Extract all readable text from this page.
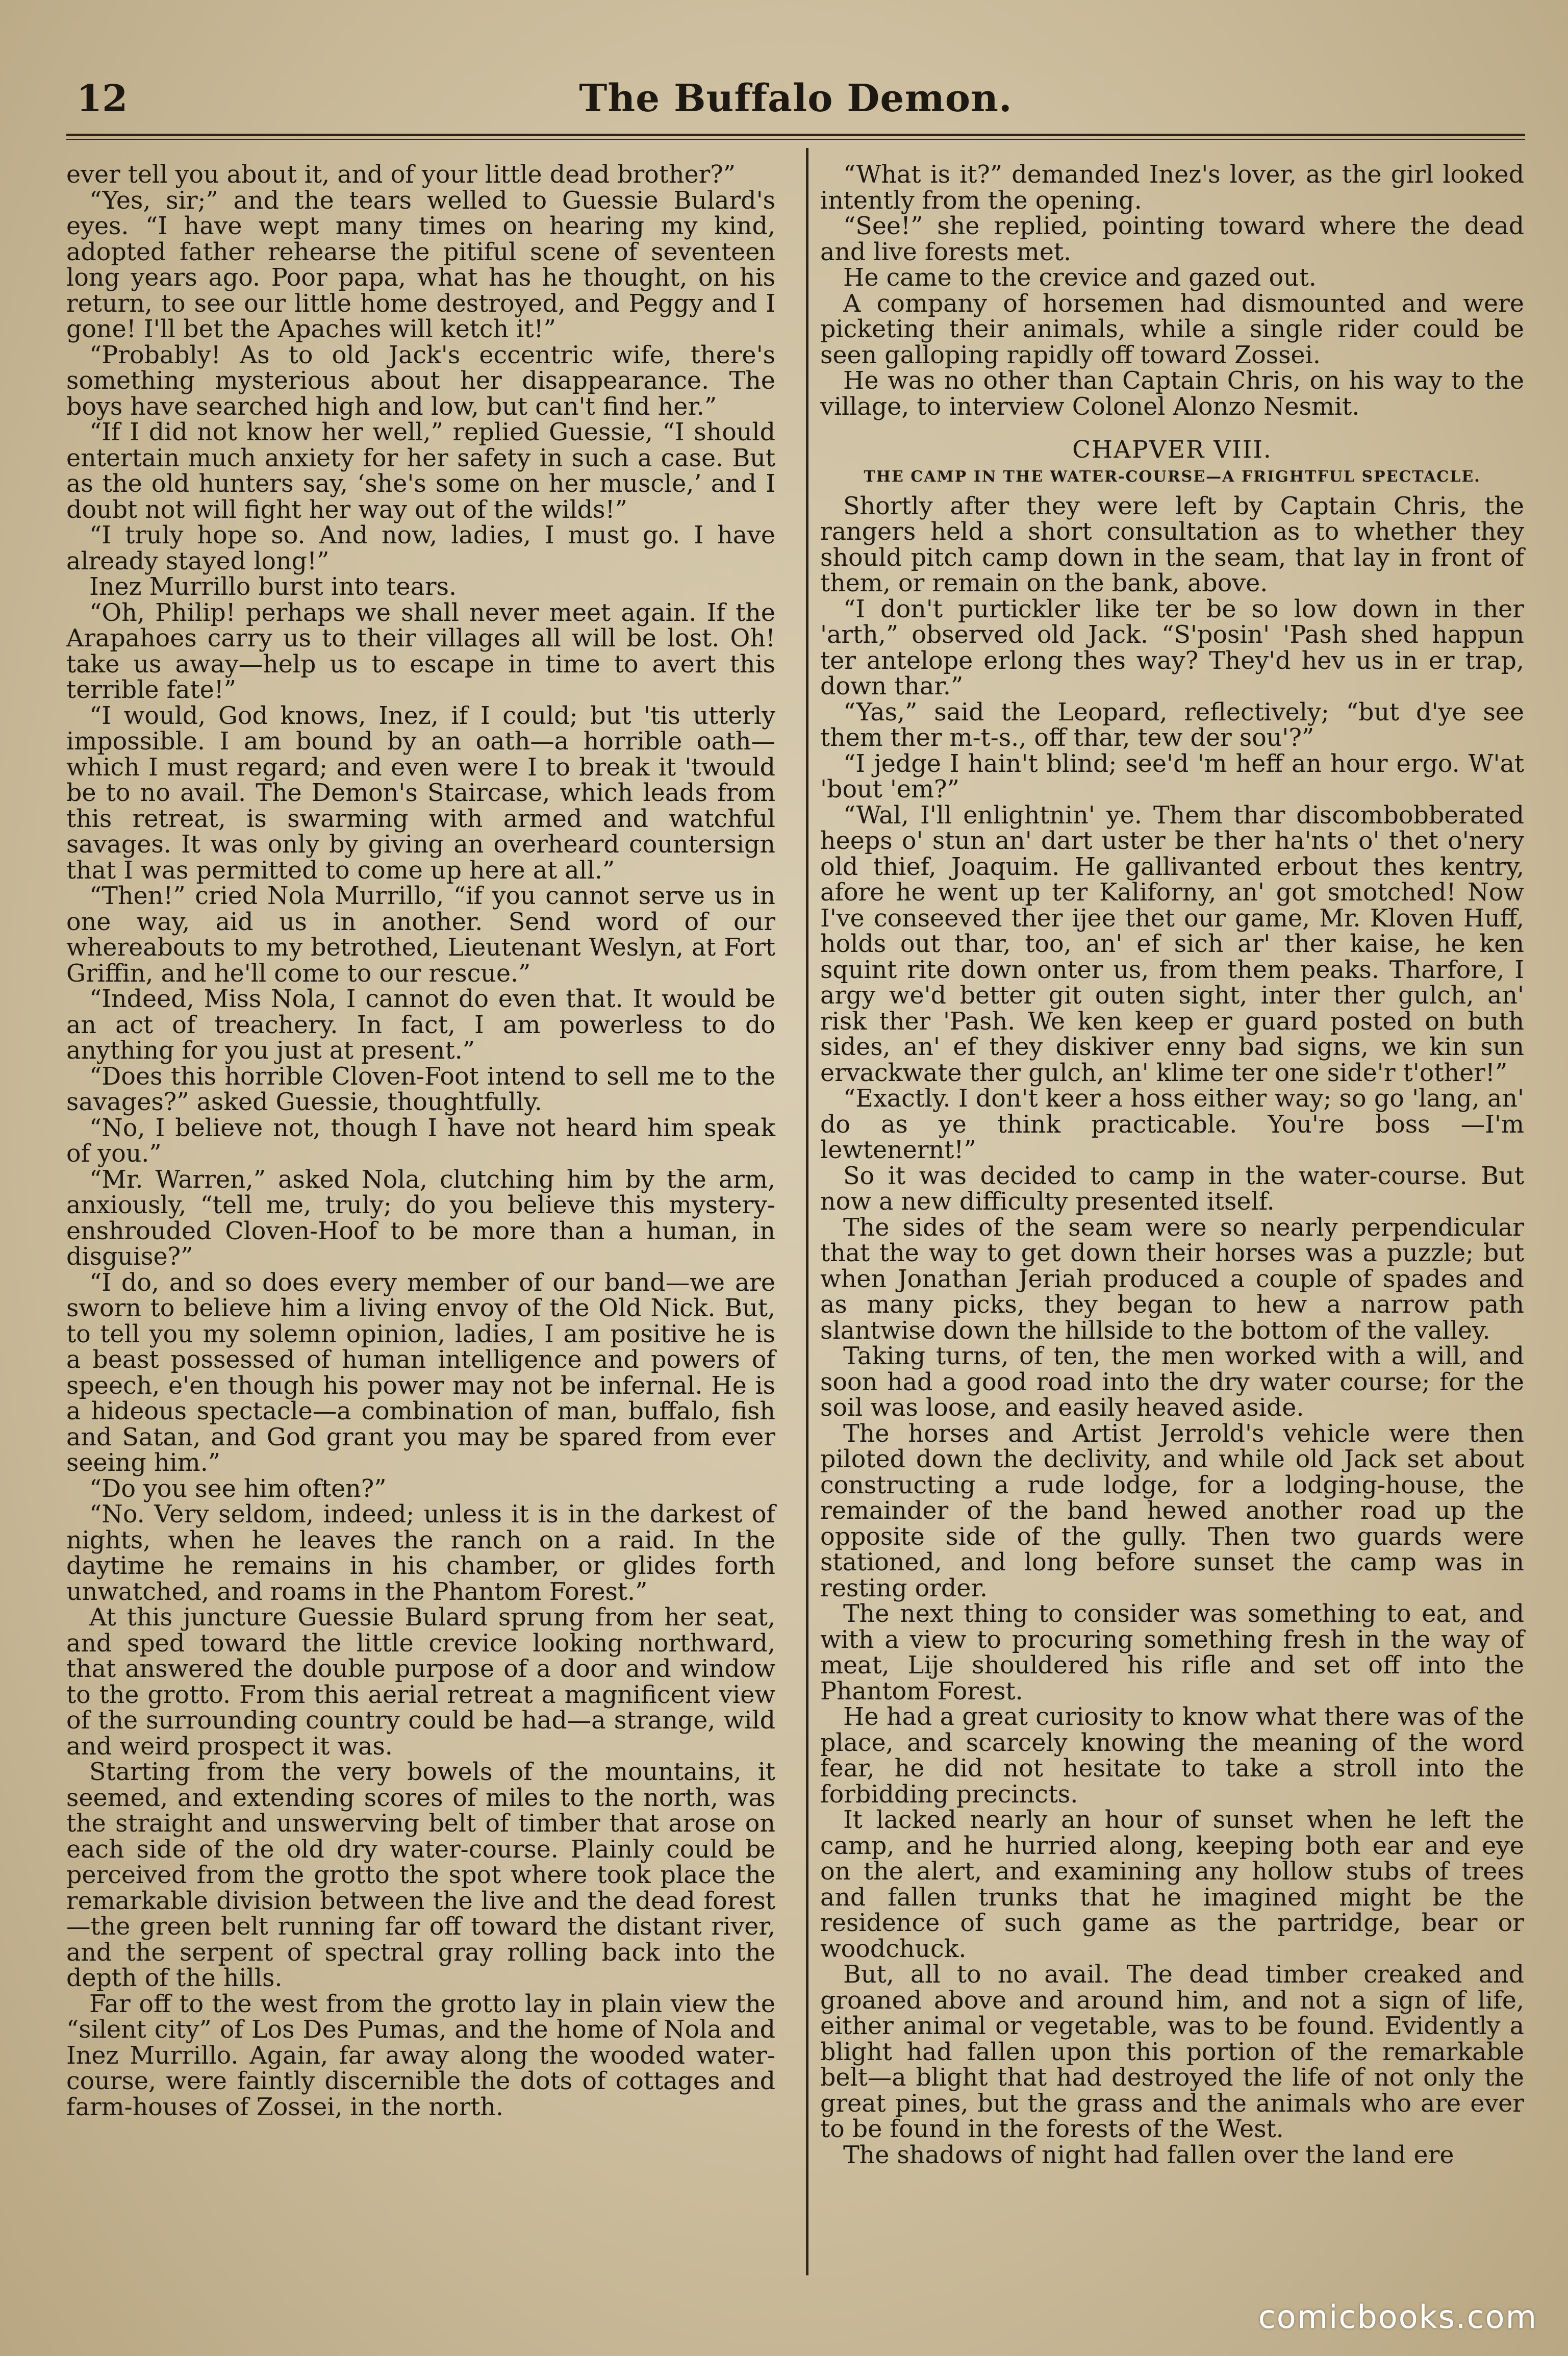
12	The Buffalo Demon.

ever tell you about it, and of your little dead brother?”

“Yes, sir;” and the tears welled to Guessie Bulard's eyes. “I have wept many times on hearing my kind, adopted father rehearse the pitiful scene of seventeen long years ago. Poor papa, what has he thought, on his return, to see our little home destroyed, and Peggy and I gone! I'll bet the Apaches will ketch it!”

“Probably! As to old Jack's eccentric wife, there's something mysterious about her disappearance. The boys have searched high and low, but can't find her.”

“If I did not know her well,” replied Guessie, “I should entertain much anxiety for her safety in such a case. But as the old hunters say, ‘she's some on her muscle,’ and I doubt not will fight her way out of the wilds!”

“I truly hope so. And now, ladies, I must go. I have already stayed long!”

Inez Murrillo burst into tears.

“Oh, Philip! perhaps we shall never meet again. If the Arapahoes carry us to their villages all will be lost. Oh! take us away—help us to escape in time to avert this terrible fate!”

“I would, God knows, Inez, if I could; but 'tis utterly impossible. I am bound by an oath—a horrible oath—which I must regard; and even were I to break it 'twould be to no avail. The Demon's Staircase, which leads from this retreat, is swarming with armed and watchful savages. It was only by giving an overheard countersign that I was permitted to come up here at all.”

“Then!” cried Nola Murrillo, “if you cannot serve us in one way, aid us in another. Send word of our whereabouts to my betrothed, Lieutenant Weslyn, at Fort Griffin, and he'll come to our rescue.”

“Indeed, Miss Nola, I cannot do even that. It would be an act of treachery. In fact, I am powerless to do anything for you just at present.”

“Does this horrible Cloven-Foot intend to sell me to the savages?” asked Guessie, thoughtfully.

“No, I believe not, though I have not heard him speak of you.”

“Mr. Warren,” asked Nola, clutching him by the arm, anxiously, “tell me, truly; do you believe this mystery-enshrouded Cloven-Hoof to be more than a human, in disguise?”

“I do, and so does every member of our band—we are sworn to believe him a living envoy of the Old Nick. But, to tell you my solemn opinion, ladies, I am positive he is a beast possessed of human intelligence and powers of speech, e'en though his power may not be infernal. He is a hideous spectacle—a combination of man, buffalo, fish and Satan, and God grant you may be spared from ever seeing him.”

“Do you see him often?”

“No. Very seldom, indeed; unless it is in the darkest of nights, when he leaves the ranch on a raid. In the daytime he remains in his chamber, or glides forth unwatched, and roams in the Phantom Forest.”

At this juncture Guessie Bulard sprung from her seat, and sped toward the little crevice looking northward, that answered the double purpose of a door and window to the grotto. From this aerial retreat a magnificent view of the surrounding country could be had—a strange, wild and weird prospect it was.

Starting from the very bowels of the mountains, it seemed, and extending scores of miles to the north, was the straight and unswerving belt of timber that arose on each side of the old dry water-course. Plainly could be perceived from the grotto the spot where took place the remarkable division between the live and the dead forest—the green belt running far off toward the distant river, and the serpent of spectral gray rolling back into the depth of the hills.

Far off to the west from the grotto lay in plain view the “silent city” of Los Des Pumas, and the home of Nola and Inez Murrillo. Again, far away along the wooded water-course, were faintly discernible the dots of cottages and farm-houses of Zossei, in the north.

“What is it?” demanded Inez's lover, as the girl looked intently from the opening.

“See!” she replied, pointing toward where the dead and live forests met.

He came to the crevice and gazed out.

A company of horsemen had dismounted and were picketing their animals, while a single rider could be seen galloping rapidly off toward Zossei.

He was no other than Captain Chris, on his way to the village, to interview Colonel Alonzo Nesmit.

CHAPVER VIII.
THE CAMP IN THE WATER-COURSE—A FRIGHTFUL SPECTACLE.

Shortly after they were left by Captain Chris, the rangers held a short consultation as to whether they should pitch camp down in the seam, that lay in front of them, or remain on the bank, above.

“I don't purtickler like ter be so low down in ther 'arth,” observed old Jack. “S'posin' 'Pash shed happun ter antelope erlong thes way? They'd hev us in er trap, down thar.”

“Yas,” said the Leopard, reflectively; “but d'ye see them ther m-t-s., off thar, tew der sou'?”

“I jedge I hain't blind; see'd 'm heff an hour ergo. W'at 'bout 'em?”

“Wal, I'll enlightnin' ye. Them thar discombobberated heeps o' stun an' dart uster be ther ha'nts o' thet o'nery old thief, Joaquim. He gallivanted erbout thes kentry, afore he went up ter Kaliforny, an' got smotched! Now I've conseeved ther ijee thet our game, Mr. Kloven Huff, holds out thar, too, an' ef sich ar' ther kaise, he ken squint rite down onter us, from them peaks. Tharfore, I argy we'd better git outen sight, inter ther gulch, an' risk ther 'Pash. We ken keep er guard posted on buth sides, an' ef they diskiver enny bad signs, we kin sun ervackwate ther gulch, an' klime ter one side'r t'other!”

“Exactly. I don't keer a hoss either way; so go 'lang, an' do as ye think practicable. You're boss —I'm lewtenernt!”

So it was decided to camp in the water-course. But now a new difficulty presented itself.

The sides of the seam were so nearly perpendicular that the way to get down their horses was a puzzle; but when Jonathan Jeriah produced a couple of spades and as many picks, they began to hew a narrow path slantwise down the hillside to the bottom of the valley.

Taking turns, of ten, the men worked with a will, and soon had a good road into the dry water course; for the soil was loose, and easily heaved aside.

The horses and Artist Jerrold's vehicle were then piloted down the declivity, and while old Jack set about constructing a rude lodge, for a lodging-house, the remainder of the band hewed another road up the opposite side of the gully. Then two guards were stationed, and long before sunset the camp was in resting order.

The next thing to consider was something to eat, and with a view to procuring something fresh in the way of meat, Lije shouldered his rifle and set off into the Phantom Forest.

He had a great curiosity to know what there was of the place, and scarcely knowing the meaning of the word fear, he did not hesitate to take a stroll into the forbidding precincts.

It lacked nearly an hour of sunset when he left the camp, and he hurried along, keeping both ear and eye on the alert, and examining any hollow stubs of trees and fallen trunks that he imagined might be the residence of such game as the partridge, bear or woodchuck.

But, all to no avail. The dead timber creaked and groaned above and around him, and not a sign of life, either animal or vegetable, was to be found. Evidently a blight had fallen upon this portion of the remarkable belt—a blight that had destroyed the life of not only the great pines, but the grass and the animals who are ever to be found in the forests of the West.

The shadows of night had fallen over the land ere

comicbooks.com
